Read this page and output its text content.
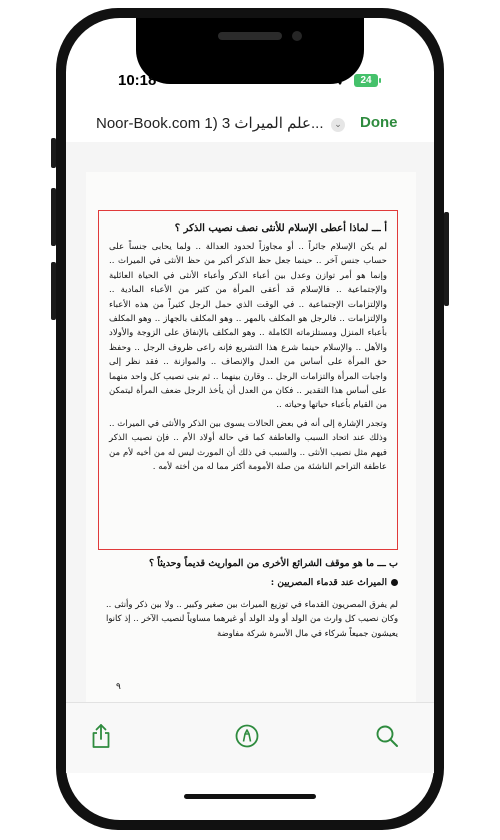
10:18	....	24
Noor-Book.com علم الميراث 3 (1...	⌄ Done

أ ـــ لماذا أعطى الإسلام للأنثى نصف نصيب الذكر ؟

لم يكن الإسلام جائراً .. أو مجاوزاً لحدود العدالة .. ولما يحابى جنساً على حساب جنس آخر .. حينما جعل حظ الذكر أكبر من حظ الأنثى في الميراث .. وإنما هو أمر توازن وعدل بين أعباء الذكر وأعباء الأنثى في الحياة العائلية والإجتماعية .. فالإسلام قد أعفى المرأة من كثير من الأعباء المادية .. والإلتزامات الإجتماعية .. في الوقت الذي حمل الرجل كثيراً من هذه الأعباء والإلتزامات .. فالرجل هو المكلف بالمهر .. وهو المكلف بالجهاز .. وهو المكلف بأعباء المنزل ومستلزماته الكاملة .. وهو المكلف بالإنفاق على الزوجة والأولاد والأهل .. والإسلام حينما شرع هذا التشريع فإنه راعى ظروف الرجل .. وحفظ حق المرأة على أساس من العدل والإنصاف .. والموازنة .. فقد نظر إلى واجبات المرأة والتزامات الرجل .. وقارن بينهما .. ثم بنى نصيب كل واحد منهما على أساس هذا التقدير .. فكان من العدل أن يأخذ الرجل ضعف المرأة ليتمكن من القيام بأعباء حياتها وحياته ..

وتجدر الإشارة إلى أنه في بعض الحالات يسوى بين الذكر والأنثى في الميراث .. وذلك عند اتحاد السبب والعاطفة كما في حالة أولاد الأم .. فإن نصيب الذكر فيهم مثل نصيب الأنثى .. والسبب في ذلك أن المورث ليس له من أخيه لأم من عاطفة التراحم الناشئة من صلة الأمومة أكثر مما له من أخته لأمه .

ب ـــ ما هو موقف الشرائع الأخرى من المواريث قديماً وحديثاً ؟

الميراث عند قدماء المصريين :

لم يفرق المصريون القدماء في توزيع الميراث بين صغير وكبير .. ولا بين ذكر وأنثى .. وكان نصيب كل وارث من الولد أو ولد الولد أو غيرهما مساوياً لنصيب الآخر .. إذ كانوا يعيشون جميعاً شركاء في مال الأسرة شركة مفاوضة

٩
